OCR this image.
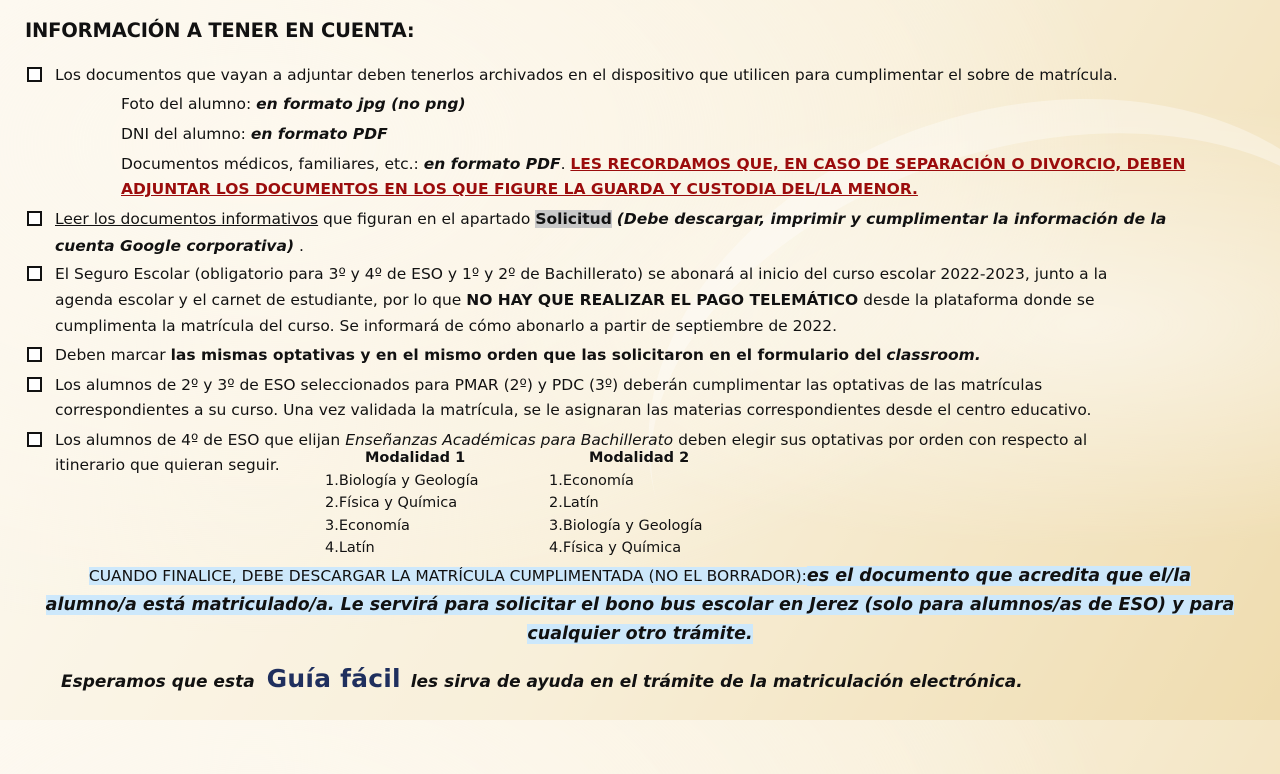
INFORMACIÓN A TENER EN CUENTA:
Los documentos que vayan a adjuntar deben tenerlos archivados en el dispositivo que utilicen para cumplimentar el sobre de matrícula.
Foto del alumno: en formato jpg (no png)
DNI del alumno: en formato PDF
Documentos médicos, familiares, etc.: en formato PDF. LES RECORDAMOS QUE, EN CASO DE SEPARACIÓN O DIVORCIO, DEBEN
ADJUNTAR LOS DOCUMENTOS EN LOS QUE FIGURE LA GUARDA Y CUSTODIA DEL/LA MENOR.
Leer los documentos informativos que figuran en el apartado Solicitud (Debe descargar, imprimir y cumplimentar la información de la
cuenta Google corporativa) .
El Seguro Escolar (obligatorio para 3º y 4º de ESO y 1º y 2º de Bachillerato) se abonará al inicio del curso escolar 2022-2023, junto a la
agenda escolar y el carnet de estudiante, por lo que NO HAY QUE REALIZAR EL PAGO TELEMÁTICO desde la plataforma donde se
cumplimenta la matrícula del curso. Se informará de cómo abonarlo a partir de septiembre de 2022.
Deben marcar las mismas optativas y en el mismo orden que las solicitaron en el formulario del classroom.
Los alumnos de 2º y 3º de ESO seleccionados para PMAR (2º) y PDC (3º) deberán cumplimentar las optativas de las matrículas
correspondientes a su curso. Una vez validada la matrícula, se le asignaran las materias correspondientes desde el centro educativo.
Los alumnos de 4º de ESO que elijan Enseñanzas Académicas para Bachillerato deben elegir sus optativas por orden con respecto al
itinerario que quieran seguir.	Modalidad 1
1.Biología y Geología
2.Física y Química
3.Economía
4.Latín
Modalidad 2
1.Economía
2.Latín
3.Biología y Geología
4.Física y Química
CUANDO FINALICE, DEBE DESCARGAR LA MATRÍCULA CUMPLIMENTADA (NO EL BORRADOR):es el documento que acredita que el/la
alumno/a está matriculado/a. Le servirá para solicitar el bono bus escolar en Jerez (solo para alumnos/as de ESO) y para
cualquier otro trámite.
Esperamos que esta Guía fácil les sirva de ayuda en el trámite de la matriculación electrónica.
